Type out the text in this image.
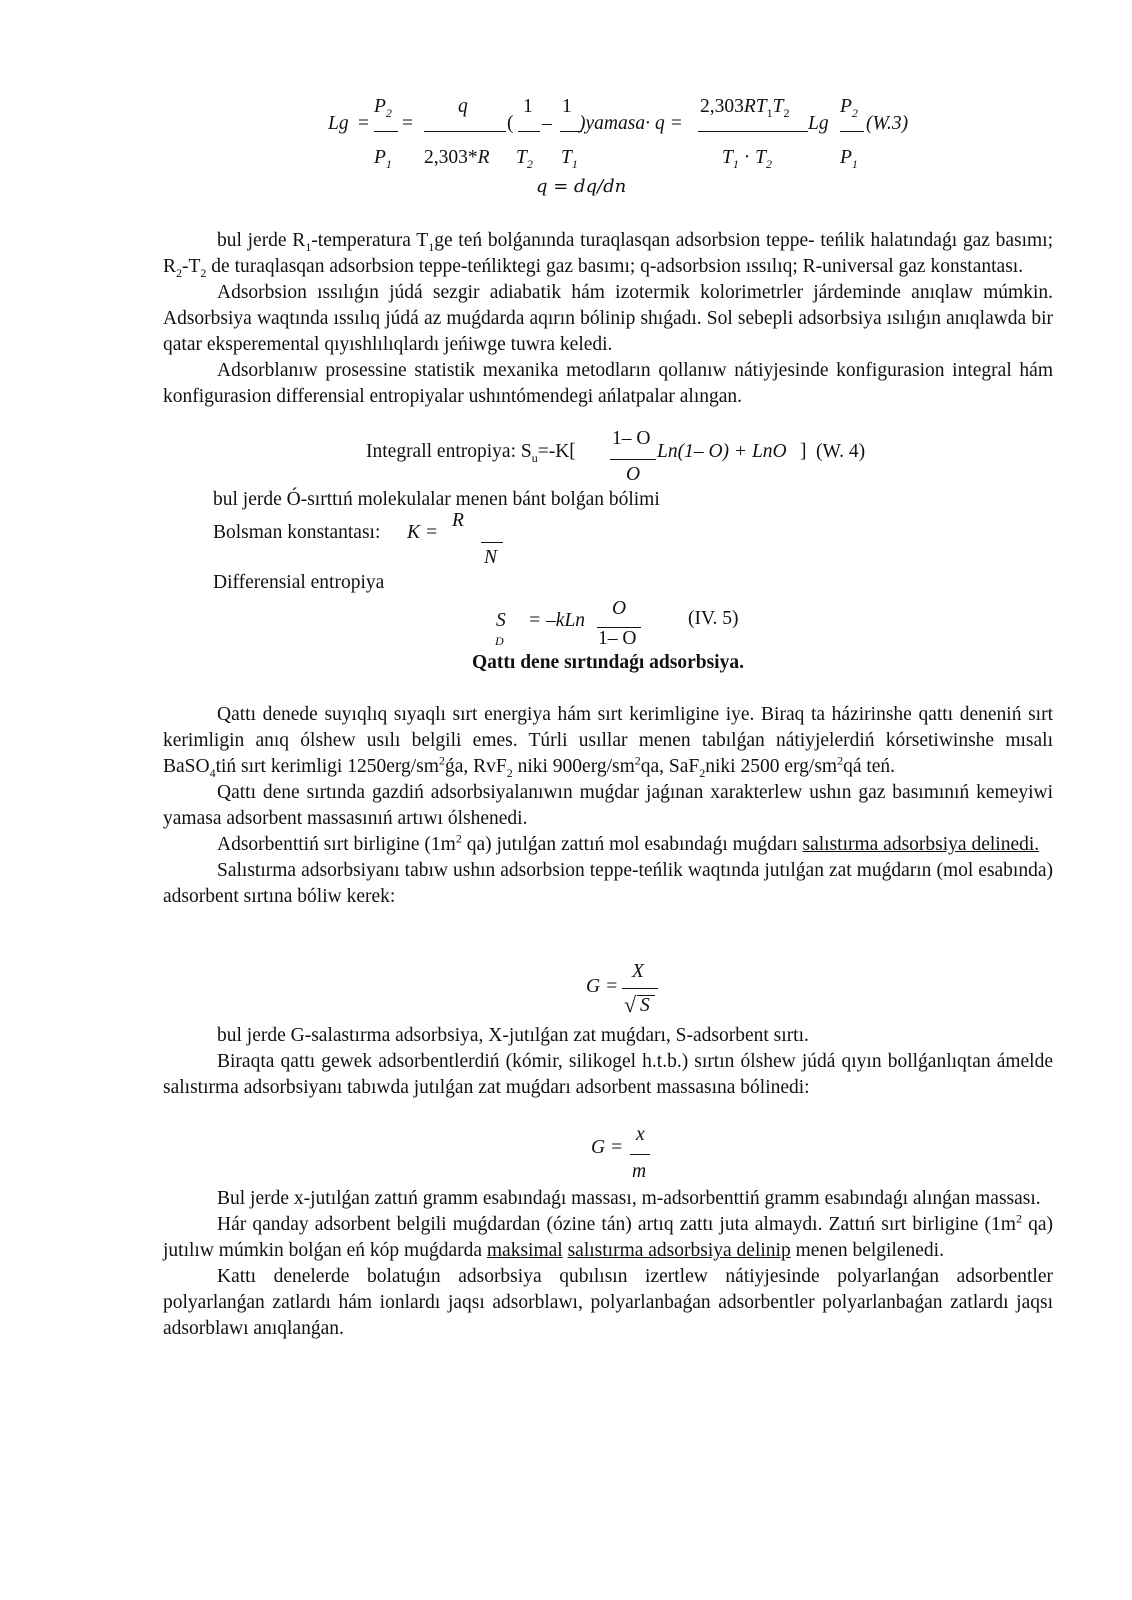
Lg =
$P_2$
$P_1$
=
q
2,303*R
(
1
$T_2$
–
1
$T_1$
)yamasa· q =
$2,303RT_1T_2$
$T_1 \cdot T_2$
Lg
$P_2$
$P_1$
(W.3)
q = dq/dn

bul jerde $R_1$-temperatura $T_1ge$ teń bolǵanında turaqlasqan adsorbsion teppe- teńlik halatındaǵı gaz basımı; $R_2-T_2$ de turaqlasqan adsorbsion teppe-teńliktegi gaz basımı; q-adsorbsion ıssılıq; R-universal gaz konstantası.

Adsorbsion ıssılıǵın júdá sezgir adiabatik hám izotermik kolorimetrler járdeminde anıqlaw múmkin. Adsorbsiya waqtında ıssılıq júdá az muǵdarda aqırın bólinip shıǵadı. Sol sebepli adsorbsiya ısılıǵın anıqlawda bir qatar eksperemental qıyıshlılıqlardı jeńiwge tuwra keledi.

Adsorblanıw prosessine statistik mexanika metodların qollanıw nátiyjesinde konfigurasion integral hám konfigurasion differensial entropiyalar ushıntómendegi ańlatpalar alıngan.

Integrall entropiya: $S_u=-K$[
1– O
O
Ln(1– O) + LnO ] (W. 4)
bul jerde Ó-sırttıń molekulalar menen bánt bolǵan bólimi
Bolsman konstantası: K =
R
N
Differensial entropiya
S
D
= –kLn
O
1– O
(IV. 5)
Qattı dene sırtındaǵı adsorbsiya.

Qattı denede suyıqlıq sıyaqlı sırt energiya hám sırt kerimligine iye. Biraq ta házirinshe qattı deneniń sırt kerimligin anıq ólshew usılı belgili emes. Túrli usıllar menen tabılǵan nátiyjelerdiń kórsetiwinshe mısalı BaSO$_4$tiń sırt kerimligi $1250erg/sm^2ǵa$, RvF$_2$ niki $900erg/sm^2qa$, SaF$_2$niki 2500 erg/$sm^2qá$ teń.

Qattı dene sırtında gazdiń adsorbsiyalanıwın muǵdar jaǵınan xarakterlew ushın gaz basımınıń kemeyiwi yamasa adsorbent massasınıń artıwı ólshenedi.

Adsorbenttiń sırt birligine ($1m^2$ qa) jutılǵan zattıń mol esabındaǵı muǵdarı salıstırma adsorbsiya delinedi.

Salıstırma adsorbsiyanı tabıw ushın adsorbsion teppe-teńlik waqtında jutılǵan zat muǵdarın (mol esabında) adsorbent sırtına bóliw kerek:

G =
X
√ S

bul jerde G-salastırma adsorbsiya, X-jutılǵan zat muǵdarı, S-adsorbent sırtı.

Biraqta qattı gewek adsorbentlerdiń (kómir, silikogel h.t.b.) sırtın ólshew júdá qıyın bollǵanlıqtan ámelde salıstırma adsorbsiyanı tabıwda jutılǵan zat muǵdarı adsorbent massasına bólinedi:

G =
x
m

Bul jerde x-jutılǵan zattıń gramm esabındaǵı massası, m-adsorbenttiń gramm esabındaǵı alınǵan massası.

Hár qanday adsorbent belgili muǵdardan (ózine tán) artıq zattı juta almaydı. Zattıń sırt birligine ($1m^2$ qa) jutılıw múmkin bolǵan eń kóp muǵdarda maksimal salıstırma adsorbsiya delinip menen belgilenedi.

Kattı denelerde bolatuǵın adsorbsiya qubılısın izertlew nátiyjesinde polyarlanǵan adsorbentler polyarlanǵan zatlardı hám ionlardı jaqsı adsorblawı, polyarlanbaǵan adsorbentler polyarlanbaǵan zatlardı jaqsı adsorblawı anıqlanǵan.
